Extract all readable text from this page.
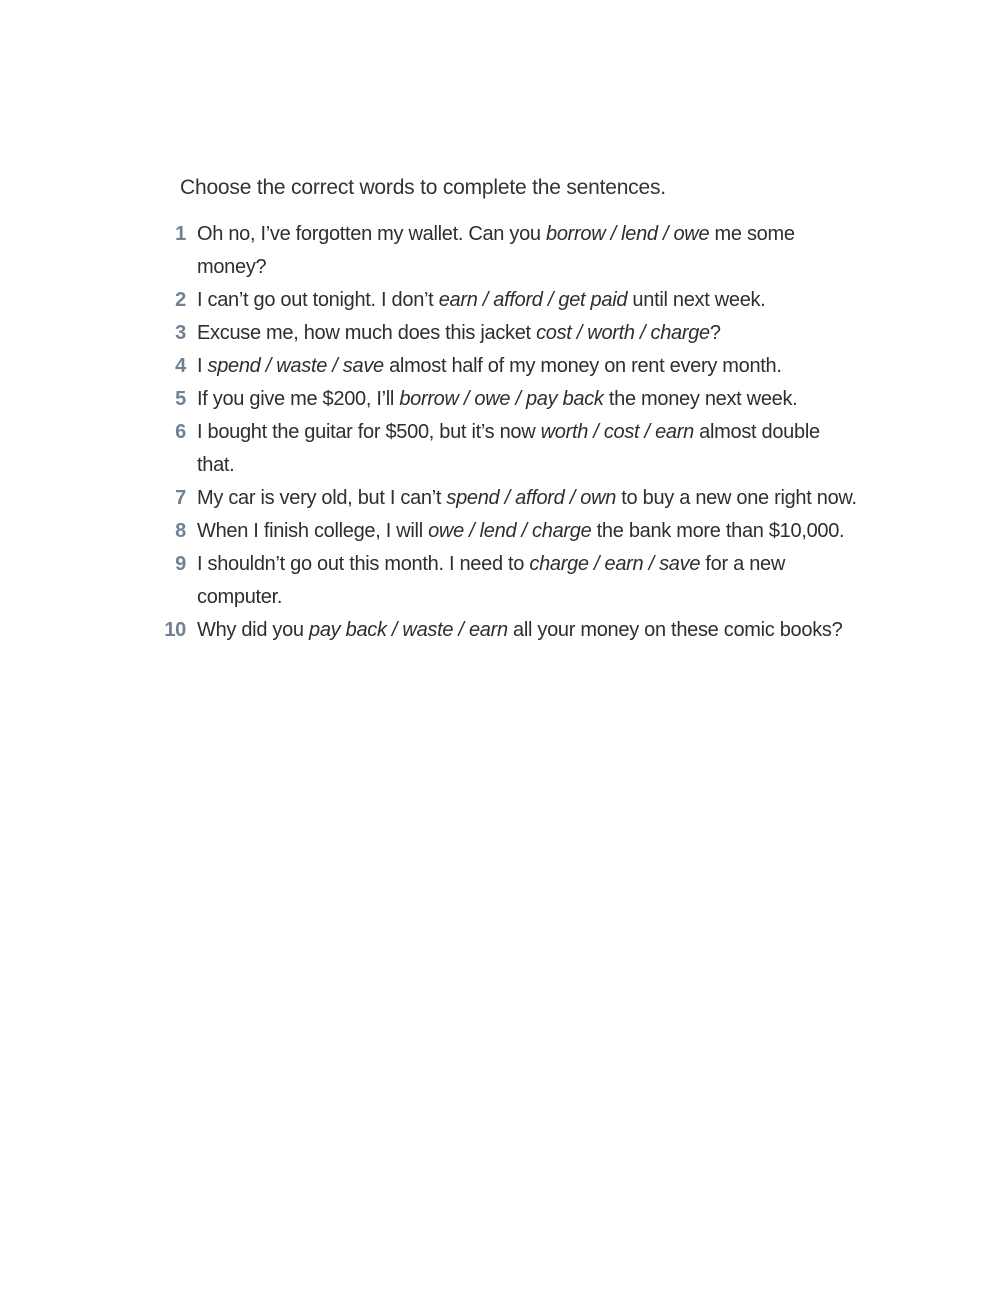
Choose the correct words to complete the sentences.
1 Oh no, I’ve forgotten my wallet. Can you borrow / lend / owe me some money?
2 I can’t go out tonight. I don’t earn / afford / get paid until next week.
3 Excuse me, how much does this jacket cost / worth / charge?
4 I spend / waste / save almost half of my money on rent every month.
5 If you give me $200, I’ll borrow / owe / pay back the money next week.
6 I bought the guitar for $500, but it’s now worth / cost / earn almost double that.
7 My car is very old, but I can’t spend / afford / own to buy a new one right now.
8 When I finish college, I will owe / lend / charge the bank more than $10,000.
9 I shouldn’t go out this month. I need to charge / earn / save for a new computer.
10 Why did you pay back / waste / earn all your money on these comic books?
